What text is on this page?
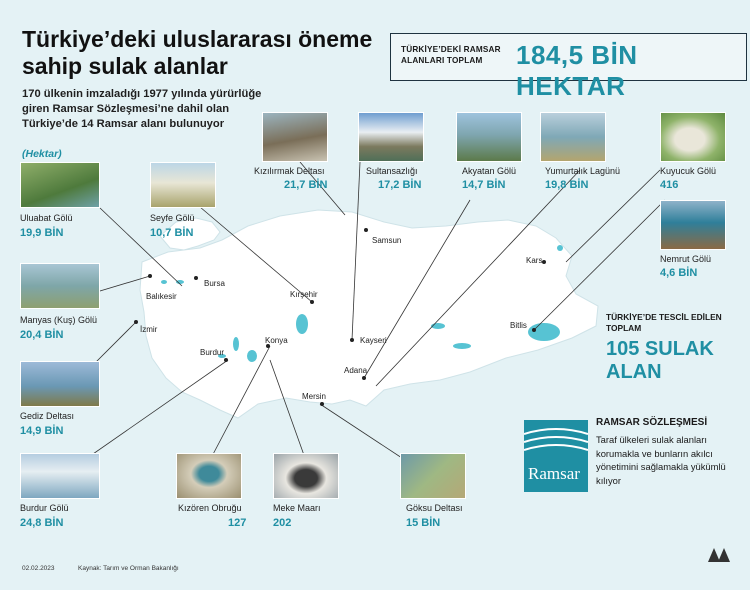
Türkiye’deki uluslararası öneme sahip sulak alanlar
170 ülkenin imzaladığı 1977 yılında yürürlüğe giren Ramsar Sözleşmesi’ne dahil olan Türkiye’de 14 Ramsar alanı bulunuyor
(Hektar)
TÜRKİYE’DEKİ RAMSAR ALANLARI TOPLAM	184,5 BİN HEKTAR
Samsun
Bursa
Balıkesir	Kırşehir
Kars
İzmir
Konya	Kayseri
Burdur
Adana
Bitlis
Mersin
Uluabat Gölü
19,9 BİN
Seyfe Gölü
10,7 BİN
Kızılırmak Deltası
21,7 BİN
Sultansazlığı
17,2 BİN
Akyatan Gölü
14,7 BİN
Yumurtalık Lagünü
19,8 BİN
Kuyucuk Gölü
416
Nemrut Gölü
4,6 BİN
Manyas (Kuş) Gölü
20,4 BİN
Gediz Deltası
14,9 BİN
Burdur Gölü
24,8 BİN
Kızören Obruğu
127
Meke Maarı
202
Göksu Deltası
15 BİN
TÜRKİYE’DE TESCİL EDİLEN TOPLAM
105 SULAK ALAN
Ramsar
RAMSAR SÖZLEŞMESİ
Taraf ülkeleri sulak alanları korumakla ve bunların akılcı yönetimini sağlamakla yükümlü kılıyor
02.02.2023	Kaynak: Tarım ve Orman Bakanlığı
